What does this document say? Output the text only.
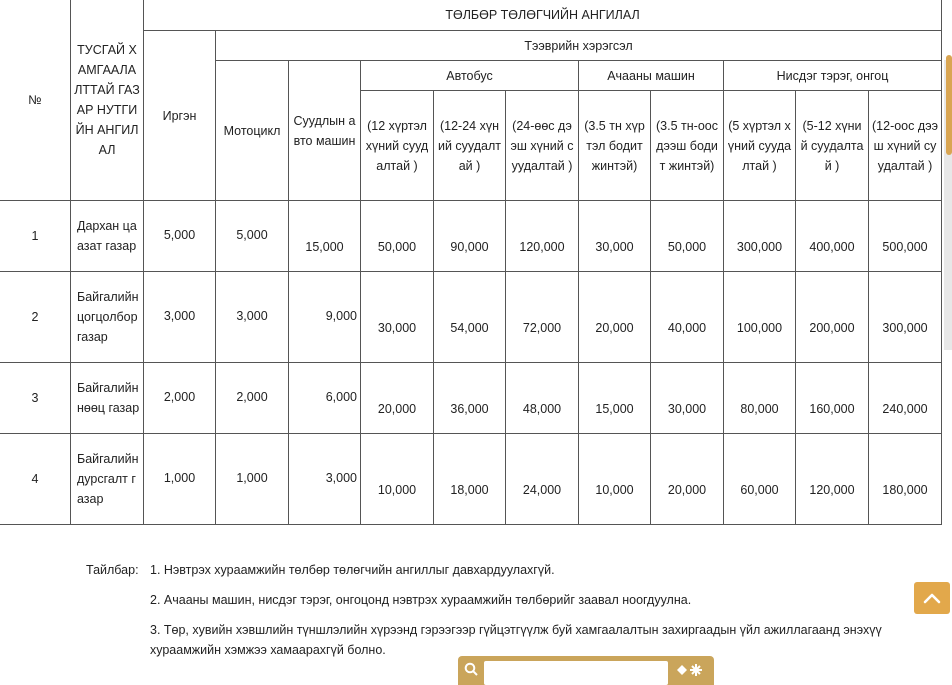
№	ТУСГАЙ ХАМГААЛАЛТТАЙ ГАЗАР НУТГИЙН АНГИЛАЛ	ТӨЛБӨР ТӨЛӨГЧИЙН АНГИЛАЛ										
		Иргэн	Тээврийн хэрэгсэл									
			Мотоцикл	Суудлын авто машин	Автобус			Ачааны машин		Нисдэг тэрэг, онгоц		
					(12 хүртэл хүний суудалтай )	(12-24 хүний суудалтай )	(24-өөс дээш хүний суудалтай )	(3.5 тн хүртэл бодит жинтэй)	(3.5 тн-оос дээш бодит жинтэй)	(5 хүртэл хүний суудалтай )	(5-12 хүний суудалтай )	(12-оос дээш хүний суудалтай )
1	Дархан цаазат газар	5,000	5,000	15,000	50,000	90,000	120,000	30,000	50,000	300,000	400,000	500,000
2	Байгалийн цогцолбор газар	3,000	3,000	9,000	30,000	54,000	72,000	20,000	40,000	100,000	200,000	300,000
3	Байгалийн нөөц газар	2,000	2,000	6,000	20,000	36,000	48,000	15,000	30,000	80,000	160,000	240,000
4	Байгалийн дурсгалт газар	1,000	1,000	3,000	10,000	18,000	24,000	10,000	20,000	60,000	120,000	180,000
Тайлбар: 1. Нэвтрэх хураамжийн төлбөр төлөгчийн ангиллыг давхардуулахгүй.
2. Ачааны машин, нисдэг тэрэг, онгоцонд нэвтрэх хураамжийн төлбөрийг заавал ноогдуулна.
3. Төр, хувийн хэвшлийн түншлэлийн хүрээнд гэрээгээр гүйцэтгүүлж буй хамгаалалтын захиргаадын үйл ажиллагаанд энэхүү хураамжийн хэмжээ хамаарахгүй болно.
